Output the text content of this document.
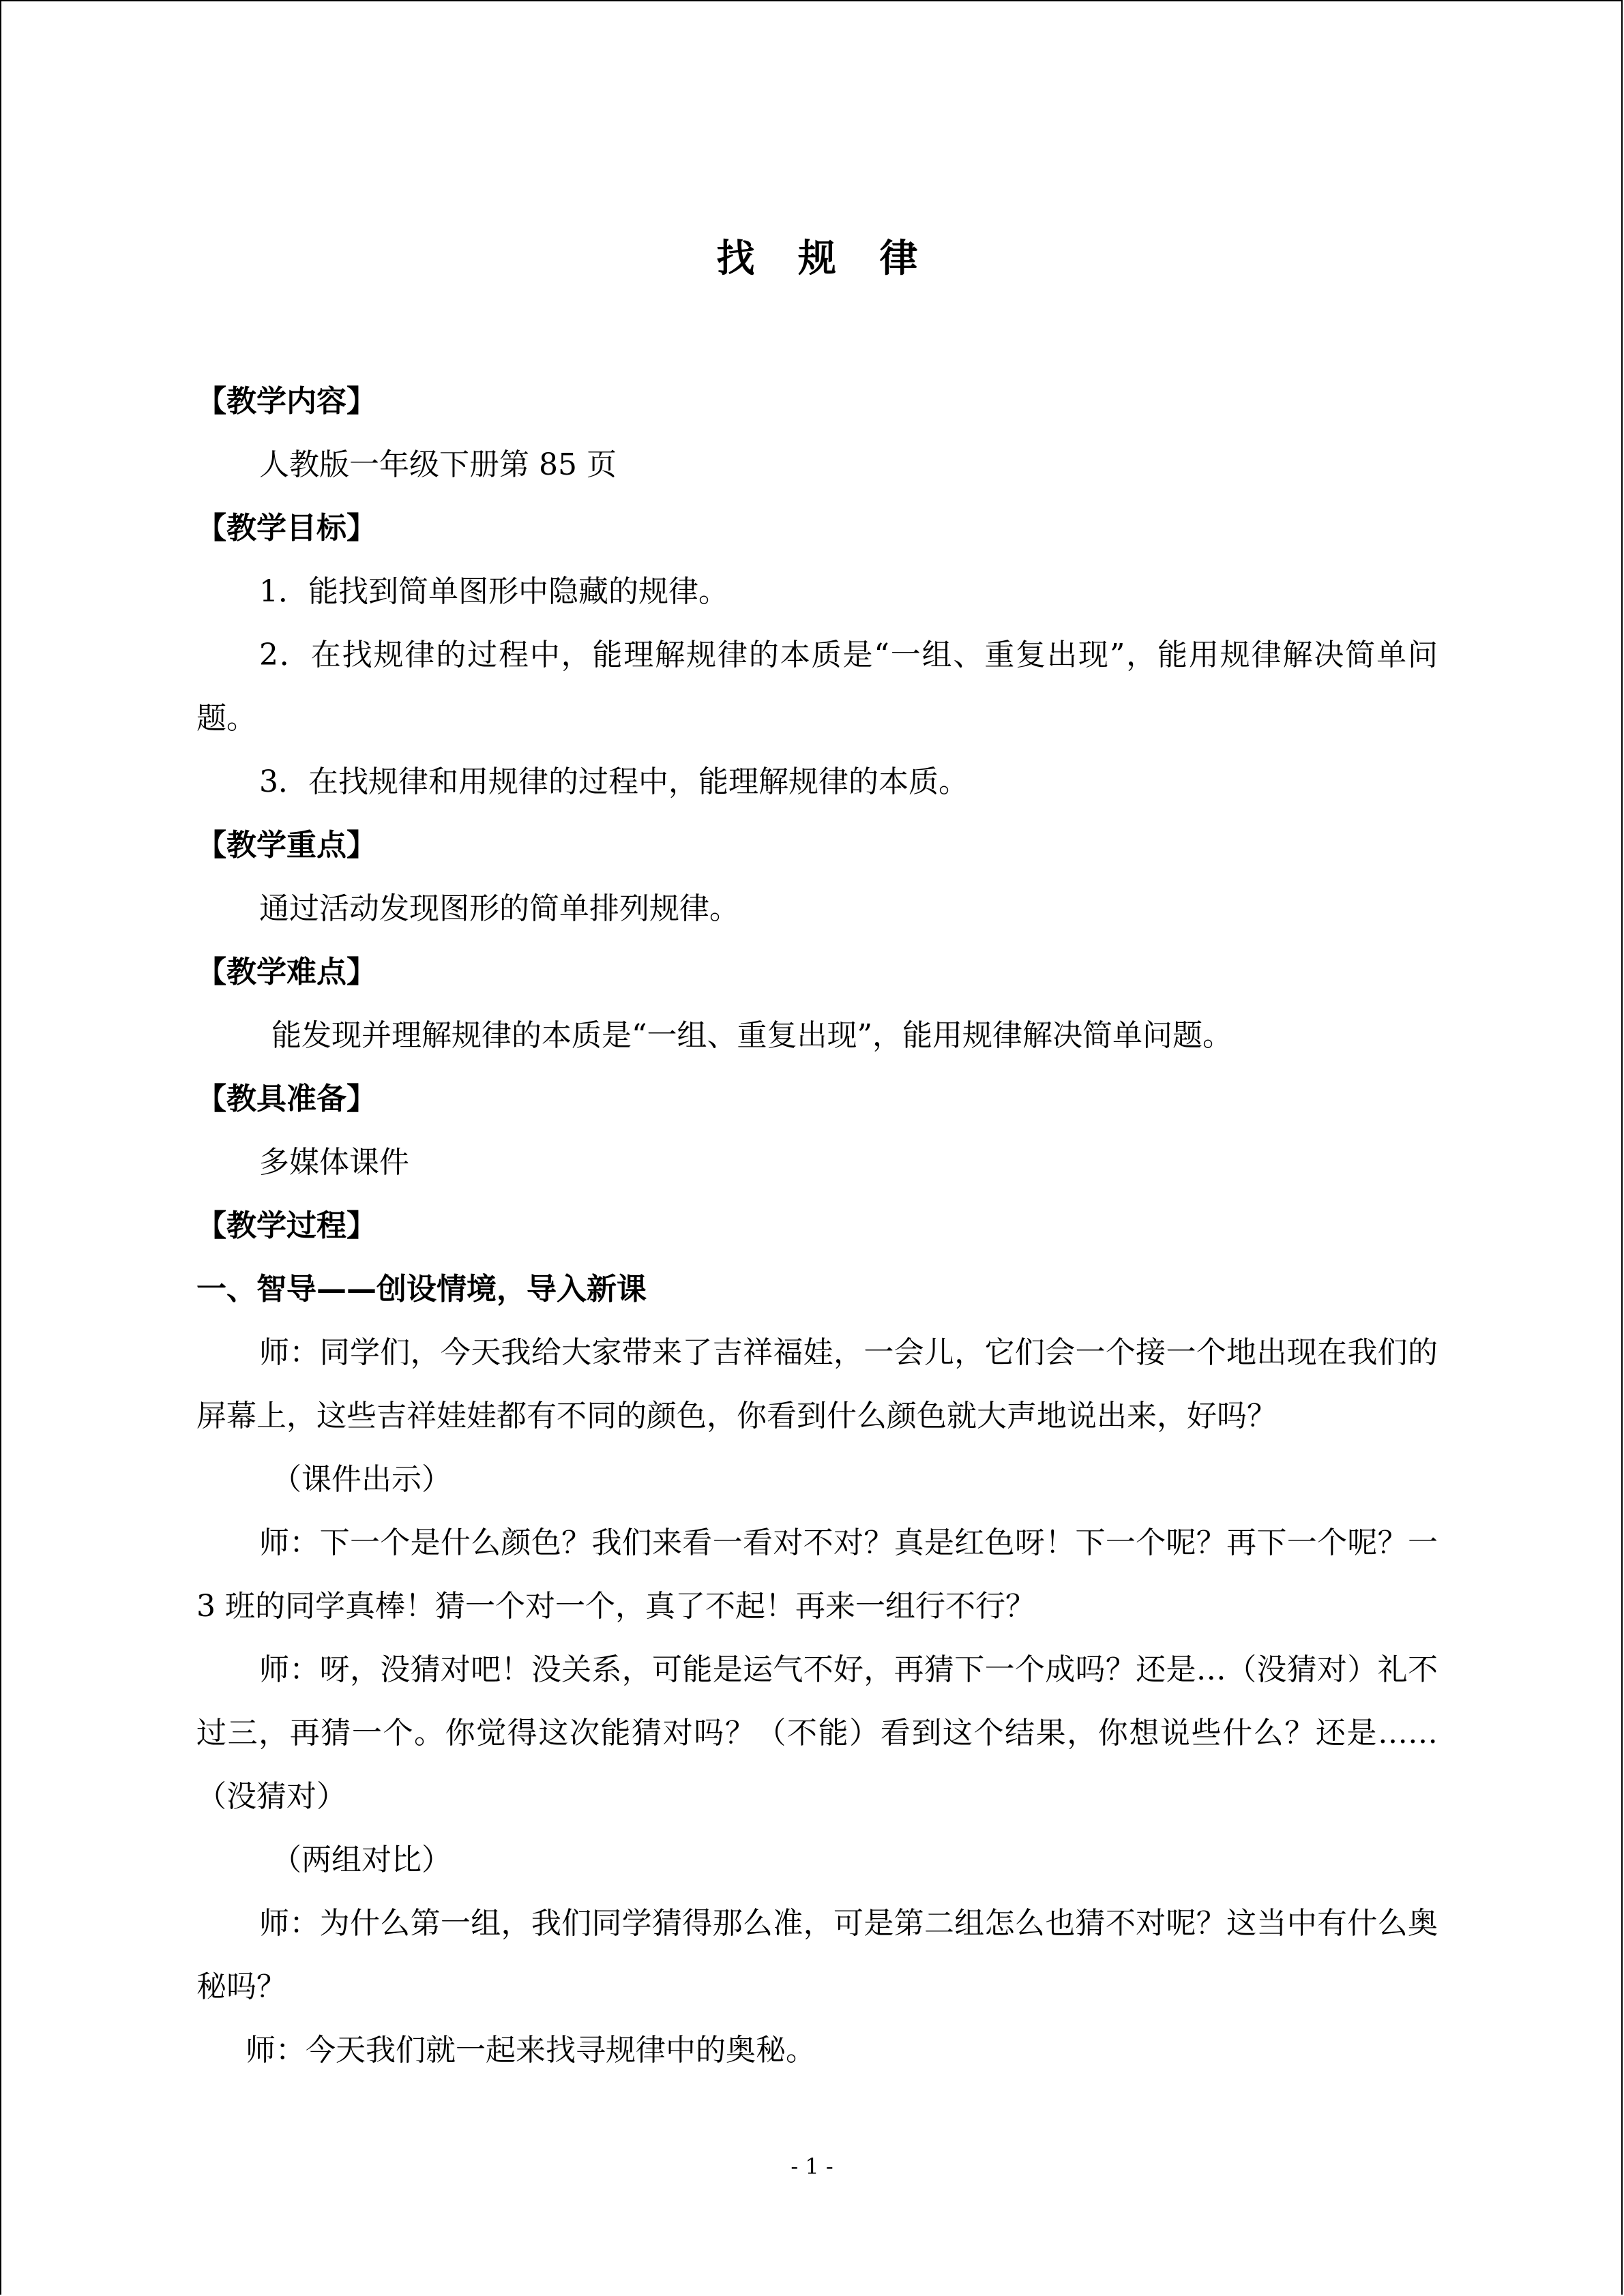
找 规 律
【教学内容】
人教版一年级下册第 85 页
【教学目标】
1．能找到简单图形中隐藏的规律。
2．在找规律的过程中，能理解规律的本质是“一组、重复出现”，能用规律解决简单问题。
3．在找规律和用规律的过程中，能理解规律的本质。
【教学重点】
通过活动发现图形的简单排列规律。
【教学难点】
能发现并理解规律的本质是“一组、重复出现”，能用规律解决简单问题。
【教具准备】
多媒体课件
【教学过程】
一、智导——创设情境，导入新课
师：同学们，今天我给大家带来了吉祥福娃，一会儿，它们会一个接一个地出现在我们的屏幕上，这些吉祥娃娃都有不同的颜色，你看到什么颜色就大声地说出来，好吗？
（课件出示）
师：下一个是什么颜色？我们来看一看对不对？真是红色呀！下一个呢？再下一个呢？一 3 班的同学真棒！猜一个对一个，真了不起！再来一组行不行？
师：呀，没猜对吧！没关系，可能是运气不好，再猜下一个成吗？还是…（没猜对）礼不过三，再猜一个。你觉得这次能猜对吗？（不能）看到这个结果，你想说些什么？还是……（没猜对）
（两组对比）
师：为什么第一组，我们同学猜得那么准，可是第二组怎么也猜不对呢？这当中有什么奥秘吗？
师：今天我们就一起来找寻规律中的奥秘。
- 1 -
